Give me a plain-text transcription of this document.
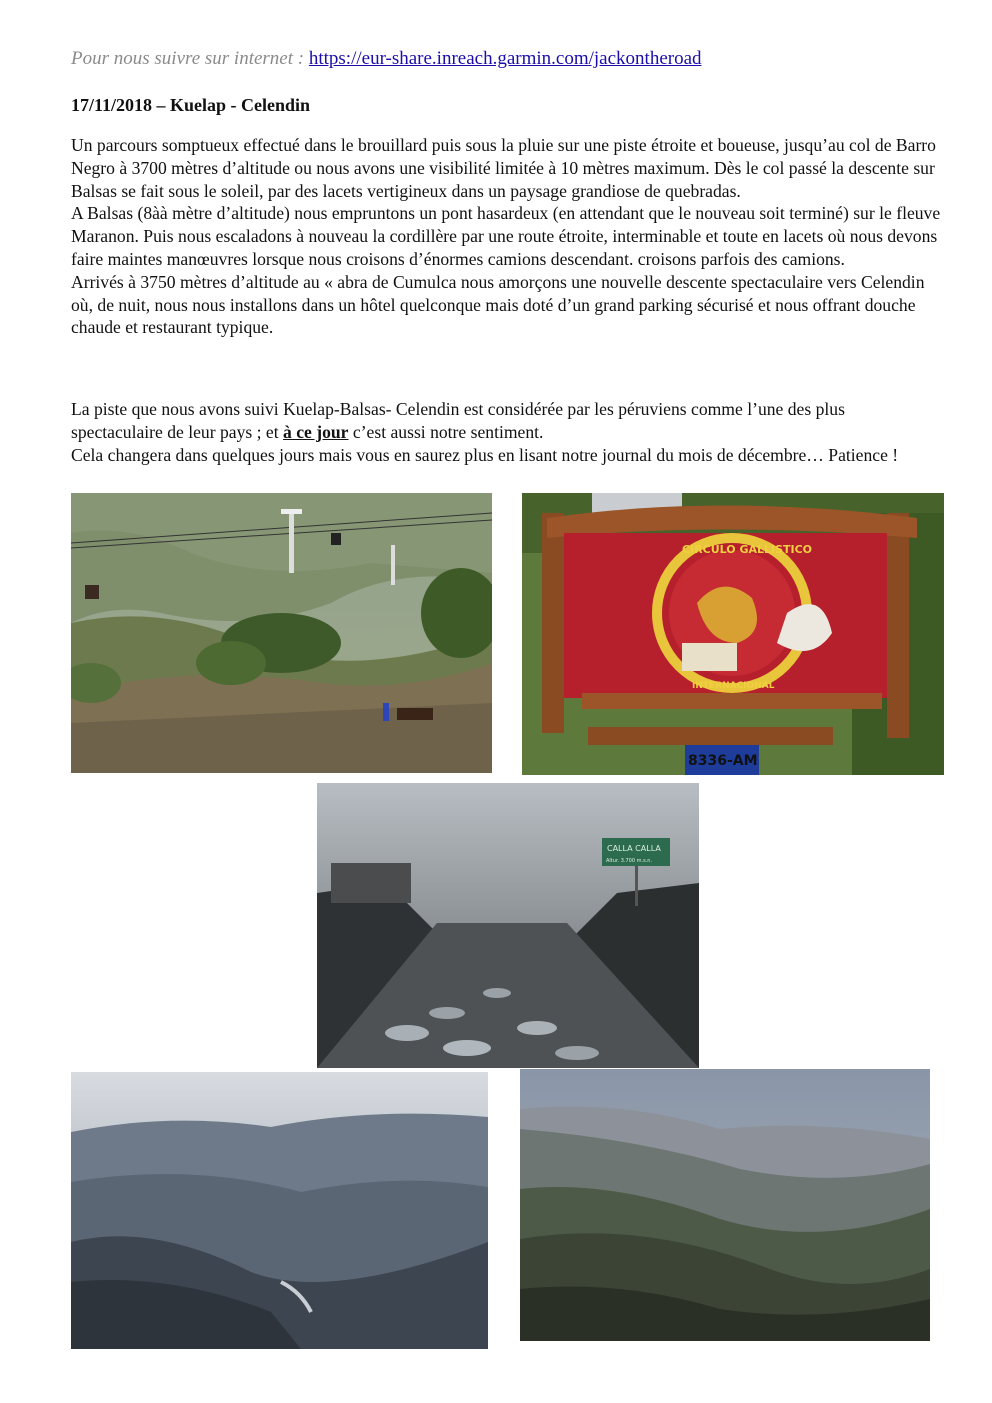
Pour nous suivre sur internet : https://eur-share.inreach.garmin.com/jackontheroad
17/11/2018 – Kuelap - Celendin

Un parcours somptueux effectué dans le brouillard puis sous la pluie sur une piste étroite et boueuse, jusqu’au col de Barro Negro à 3700 mètres d’altitude ou nous avons une visibilité limitée à 10 mètres maximum. Dès le col passé la descente sur Balsas se fait sous le soleil, par des lacets vertigineux dans un paysage grandiose de quebradas.

A Balsas (8àà mètre d’altitude) nous empruntons un pont hasardeux (en attendant que le nouveau soit terminé) sur le fleuve Maranon. Puis nous escaladons à nouveau la cordillère par une route étroite, interminable et toute en lacets où nous devons faire maintes manœuvres lorsque nous croisons d’énormes camions descendant. croisons parfois des camions.

Arrivés à 3750 mètres d’altitude au « abra de Cumulca nous amorçons une nouvelle descente spectaculaire vers Celendin où, de nuit, nous nous installons dans un hôtel quelconque mais doté d’un grand parking sécurisé et nous offrant douche chaude et restaurant typique.

La piste que nous avons suivi Kuelap-Balsas- Celendin est considérée par les péruviens comme l’une des plus spectaculaire de leur pays ; et à ce jour c’est aussi notre sentiment.

Cela changera dans quelques jours mais vous en saurez plus en lisant notre journal du mois de décembre… Patience !

CIRCULO GALLISTICO
INTERNACIONAL
8336-AM
CALLA CALLA
Altur. 3.700 m.s.n.
